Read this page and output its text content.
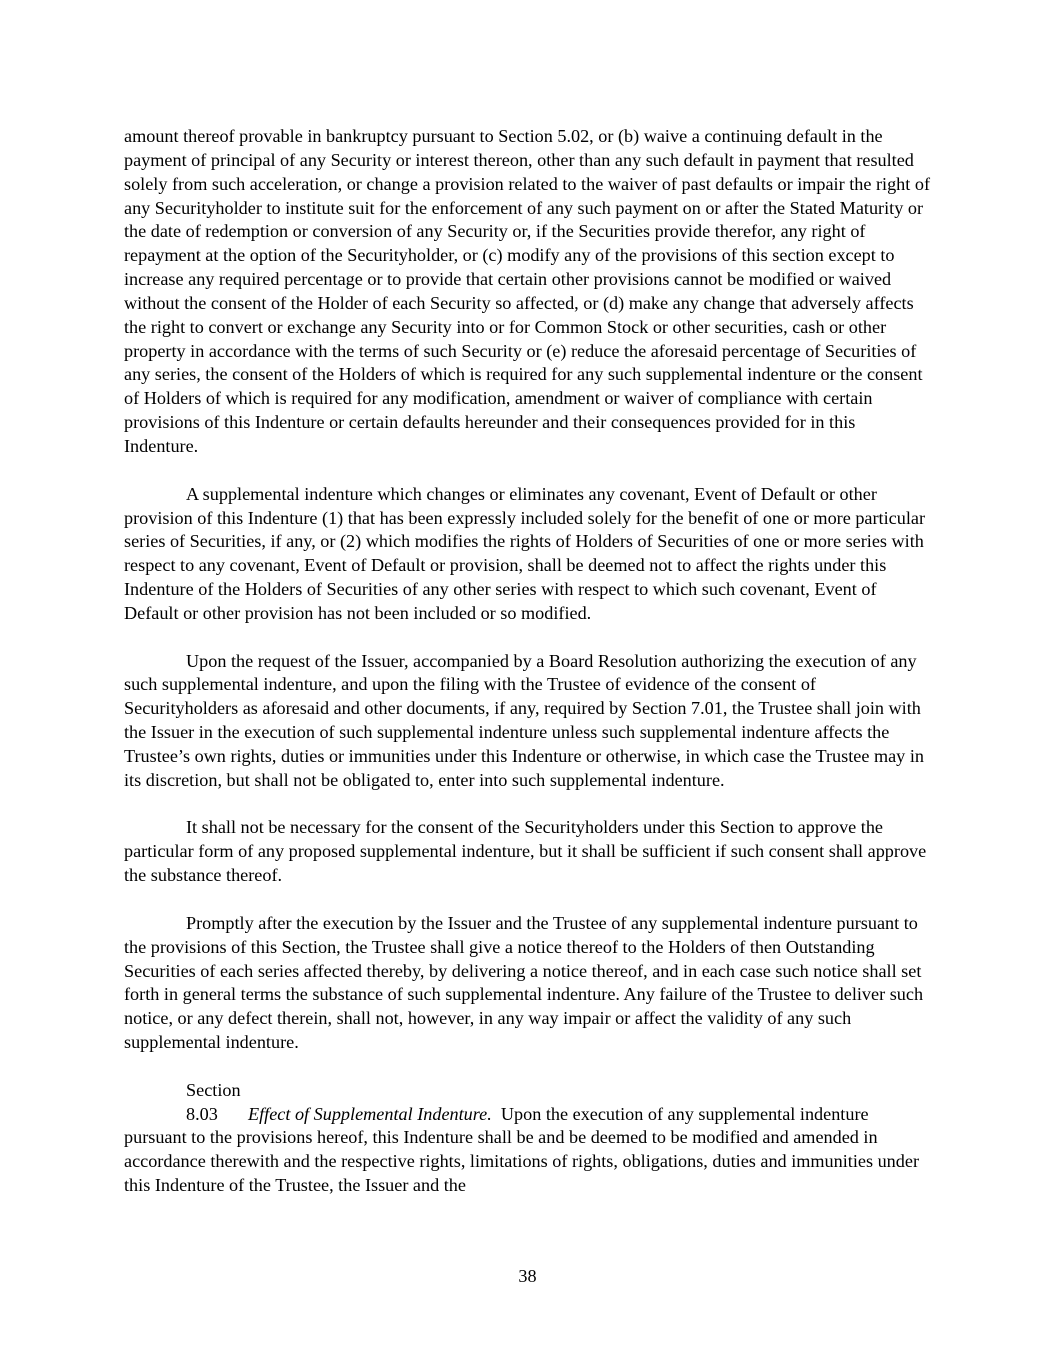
amount thereof provable in bankruptcy pursuant to Section 5.02, or (b) waive a continuing default in the payment of principal of any Security or interest thereon, other than any such default in payment that resulted solely from such acceleration, or change a provision related to the waiver of past defaults or impair the right of any Securityholder to institute suit for the enforcement of any such payment on or after the Stated Maturity or the date of redemption or conversion of any Security or, if the Securities provide therefor, any right of repayment at the option of the Securityholder, or (c) modify any of the provisions of this section except to increase any required percentage or to provide that certain other provisions cannot be modified or waived without the consent of the Holder of each Security so affected, or (d) make any change that adversely affects the right to convert or exchange any Security into or for Common Stock or other securities, cash or other property in accordance with the terms of such Security or (e) reduce the aforesaid percentage of Securities of any series, the consent of the Holders of which is required for any such supplemental indenture or the consent of Holders of which is required for any modification, amendment or waiver of compliance with certain provisions of this Indenture or certain defaults hereunder and their consequences provided for in this Indenture.

A supplemental indenture which changes or eliminates any covenant, Event of Default or other provision of this Indenture (1) that has been expressly included solely for the benefit of one or more particular series of Securities, if any, or (2) which modifies the rights of Holders of Securities of one or more series with respect to any covenant, Event of Default or provision, shall be deemed not to affect the rights under this Indenture of the Holders of Securities of any other series with respect to which such covenant, Event of Default or other provision has not been included or so modified.

Upon the request of the Issuer, accompanied by a Board Resolution authorizing the execution of any such supplemental indenture, and upon the filing with the Trustee of evidence of the consent of Securityholders as aforesaid and other documents, if any, required by Section 7.01, the Trustee shall join with the Issuer in the execution of such supplemental indenture unless such supplemental indenture affects the Trustee’s own rights, duties or immunities under this Indenture or otherwise, in which case the Trustee may in its discretion, but shall not be obligated to, enter into such supplemental indenture.

It shall not be necessary for the consent of the Securityholders under this Section to approve the particular form of any proposed supplemental indenture, but it shall be sufficient if such consent shall approve the substance thereof.

Promptly after the execution by the Issuer and the Trustee of any supplemental indenture pursuant to the provisions of this Section, the Trustee shall give a notice thereof to the Holders of then Outstanding Securities of each series affected thereby, by delivering a notice thereof, and in each case such notice shall set forth in general terms the substance of such supplemental indenture. Any failure of the Trustee to deliver such notice, or any defect therein, shall not, however, in any way impair or affect the validity of any such supplemental indenture.

Section 8.03 Effect of Supplemental Indenture. Upon the execution of any supplemental indenture pursuant to the provisions hereof, this Indenture shall be and be deemed to be modified and amended in accordance therewith and the respective rights, limitations of rights, obligations, duties and immunities under this Indenture of the Trustee, the Issuer and the

38
